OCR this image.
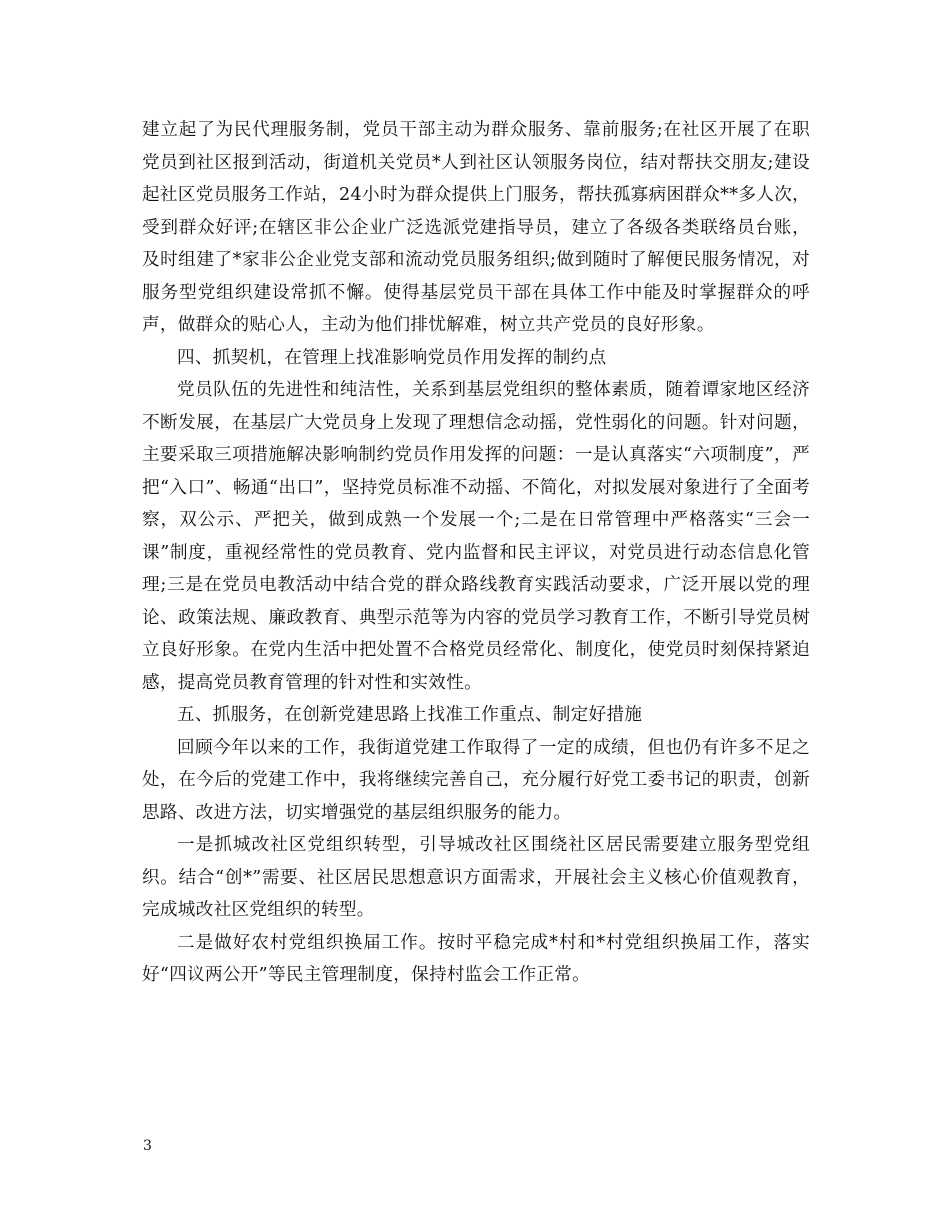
建立起了为民代理服务制，党员干部主动为群众服务、靠前服务;在社区开展了在职党员到社区报到活动，街道机关党员*人到社区认领服务岗位，结对帮扶交朋友;建设起社区党员服务工作站，24小时为群众提供上门服务，帮扶孤寡病困群众**多人次，受到群众好评;在辖区非公企业广泛选派党建指导员，建立了各级各类联络员台账，及时组建了*家非公企业党支部和流动党员服务组织;做到随时了解便民服务情况，对服务型党组织建设常抓不懈。使得基层党员干部在具体工作中能及时掌握群众的呼声，做群众的贴心人，主动为他们排忧解难，树立共产党员的良好形象。

四、抓契机，在管理上找准影响党员作用发挥的制约点

党员队伍的先进性和纯洁性，关系到基层党组织的整体素质，随着谭家地区经济不断发展，在基层广大党员身上发现了理想信念动摇，党性弱化的问题。针对问题，主要采取三项措施解决影响制约党员作用发挥的问题：一是认真落实“六项制度”，严把“入口”、畅通“出口”，坚持党员标准不动摇、不简化，对拟发展对象进行了全面考察，双公示、严把关，做到成熟一个发展一个;二是在日常管理中严格落实“三会一课”制度，重视经常性的党员教育、党内监督和民主评议，对党员进行动态信息化管理;三是在党员电教活动中结合党的群众路线教育实践活动要求，广泛开展以党的理论、政策法规、廉政教育、典型示范等为内容的党员学习教育工作，不断引导党员树立良好形象。在党内生活中把处置不合格党员经常化、制度化，使党员时刻保持紧迫感，提高党员教育管理的针对性和实效性。

五、抓服务，在创新党建思路上找准工作重点、制定好措施

回顾今年以来的工作，我街道党建工作取得了一定的成绩，但也仍有许多不足之处，在今后的党建工作中，我将继续完善自己，充分履行好党工委书记的职责，创新思路、改进方法，切实增强党的基层组织服务的能力。

一是抓城改社区党组织转型，引导城改社区围绕社区居民需要建立服务型党组织。结合“创*”需要、社区居民思想意识方面需求，开展社会主义核心价值观教育，完成城改社区党组织的转型。

二是做好农村党组织换届工作。按时平稳完成*村和*村党组织换届工作，落实好“四议两公开”等民主管理制度，保持村监会工作正常。

3
